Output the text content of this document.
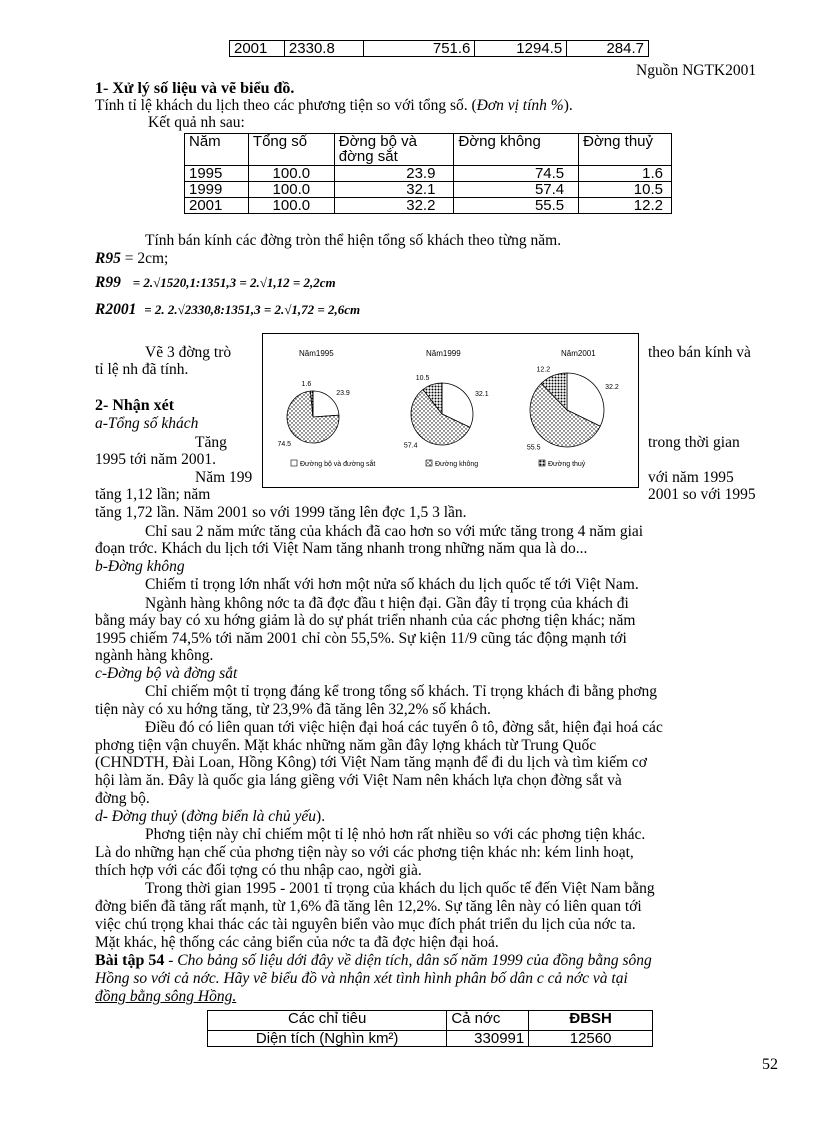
2001	2330.8	751.6	1294.5	284.7
Nguồn NGTK2001
1- Xử lý số liệu và vẽ biểu đồ.
Tính tỉ lệ khách du lịch theo các phương tiện so với tổng số. (Đơn vị tính %).
Kết quả nh sau:
Năm	Tổng số	Đờng bộ và đờng sắt	Đờng không	Đờng thuỷ
1995	100.0	23.9	74.5	1.6
1999	100.0	32.1	57.4	10.5
2001	100.0	32.2	55.5	12.2
Tính bán kính các đờng tròn thể hiện tổng số khách theo từng năm.
R95 = 2cm;
R99 = 2.√1520,1:1351,3 = 2.√1,12 = 2,2cm
R2001 = 2. 2.√2330,8:1351,3 = 2.√1,72 = 2,6cm
Vẽ 3 đờng trò	theo bán kính và
tỉ lệ nh đã tính.
Năm1995
23.9
74.5
1.6
Năm1999
32.1
57.4
10.5
Năm2001
32.2
55.5
12.2
Đường bộ và đường sắt	Đường không	Đường thuỷ
2- Nhận xét
a-Tổng số khách
Tăng	trong thời gian
1995 tới năm 2001.
Năm 199	với năm 1995
tăng 1,12 lần; năm	2001 so với 1995
tăng 1,72 lần. Năm 2001 so với 1999 tăng lên đợc 1,5 3 lần.
Chỉ sau 2 năm mức tăng của khách đã cao hơn so với mức tăng trong 4 năm giai
đoạn trớc. Khách du lịch tới Việt Nam tăng nhanh trong những năm qua là do...
b-Đờng không
Chiếm tỉ trọng lớn nhất với hơn một nửa số khách du lịch quốc tế tới Việt Nam.
Ngành hàng không nớc ta đã đợc đầu t hiện đại. Gần đây tỉ trọng của khách đi
bằng máy bay có xu hớng giảm là do sự phát triển nhanh của các phơng tiện khác; năm
1995 chiếm 74,5% tới năm 2001 chỉ còn 55,5%. Sự kiện 11/9 cũng tác động mạnh tới
ngành hàng không.
c-Đờng bộ và đờng sắt
Chỉ chiếm một tỉ trọng đáng kể trong tổng số khách. Tỉ trọng khách đi bằng phơng
tiện này có xu hớng tăng, từ 23,9% đã tăng lên 32,2% số khách.
Điều đó có liên quan tới việc hiện đại hoá các tuyến ô tô, đờng sắt, hiện đại hoá các
phơng tiện vận chuyển. Mặt khác những năm gần đây lợng khách từ Trung Quốc
(CHNDTH, Đài Loan, Hồng Kông) tới Việt Nam tăng mạnh để đi du lịch và tìm kiếm cơ
hội làm ăn. Đây là quốc gia láng giềng với Việt Nam nên khách lựa chọn đờng sắt và
đờng bộ.
d- Đờng thuỷ (đờng biển là chủ yếu).
Phơng tiện này chỉ chiếm một tỉ lệ nhỏ hơn rất nhiều so với các phơng tiện khác.
Là do những hạn chế của phơng tiện này so với các phơng tiện khác nh: kém linh hoạt,
thích hợp với các đối tợng có thu nhập cao, ngời già.
Trong thời gian 1995 - 2001 tỉ trọng của khách du lịch quốc tế đến Việt Nam bằng
đờng biển đã tăng rất mạnh, từ 1,6% đã tăng lên 12,2%. Sự tăng lên này có liên quan tới
việc chú trọng khai thác các tài nguyên biển vào mục đích phát triển du lịch của nớc ta.
Mặt khác, hệ thống các cảng biển của nớc ta đã đợc hiện đại hoá.
Bài tập 54 - Cho bảng số liệu dới đây về diện tích, dân số năm 1999 của đồng bằng sông
Hồng so với cả nớc. Hãy vẽ biểu đồ và nhận xét tình hình phân bố dân c cả nớc và tại
đồng bằng sông Hồng.
Các chỉ tiêu	Cả nớc	ĐBSH
Diện tích (Nghìn km²)	330991	12560
52
